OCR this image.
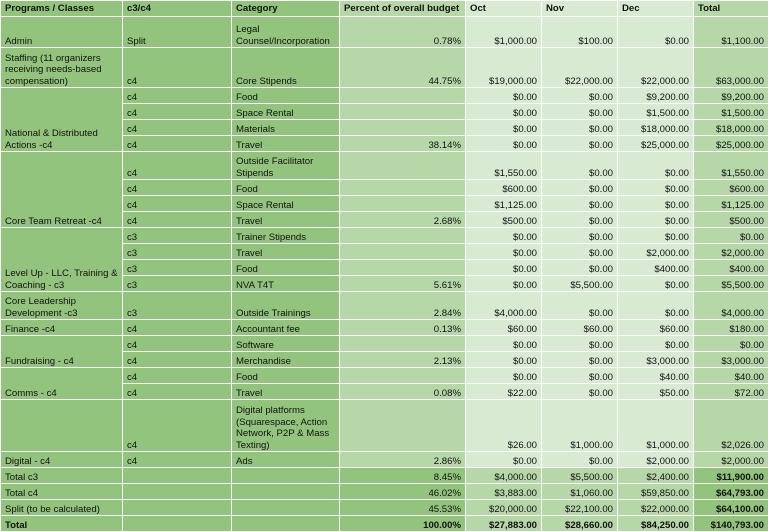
Programs / Classes	c3/c4	Category	Percent of overall budget	Oct	Nov	Dec	Total
Admin	Split	Legal Counsel/Incorporation	0.78%	$1,000.00	$100.00	$0.00	$1,100.00
Staffing (11 organizers receiving needs-based compensation)	c4	Core Stipends	44.75%	$19,000.00	$22,000.00	$22,000.00	$63,000.00
National & Distributed Actions -c4	c4	Food		$0.00	$0.00	$9,200.00	$9,200.00
	c4	Space Rental		$0.00	$0.00	$1,500.00	$1,500.00
	c4	Materials		$0.00	$0.00	$18,000.00	$18,000.00
	c4	Travel	38.14%	$0.00	$0.00	$25,000.00	$25,000.00
Core Team Retreat -c4	c4	Outside Facilitator Stipends		$1,550.00	$0.00	$0.00	$1,550.00
	c4	Food		$600.00	$0.00	$0.00	$600.00
	c4	Space Rental		$1,125.00	$0.00	$0.00	$1,125.00
	c4	Travel	2.68%	$500.00	$0.00	$0.00	$500.00
Level Up - LLC, Training & Coaching - c3	c3	Trainer Stipends		$0.00	$0.00	$0.00	$0.00
	c3	Travel		$0.00	$0.00	$2,000.00	$2,000.00
	c3	Food		$0.00	$0.00	$400.00	$400.00
	c3	NVA T4T	5.61%	$0.00	$5,500.00	$0.00	$5,500.00
Core Leadership Development -c3	c3	Outside Trainings	2.84%	$4,000.00	$0.00	$0.00	$4,000.00
Finance -c4	c4	Accountant fee	0.13%	$60.00	$60.00	$60.00	$180.00
Fundraising - c4	c4	Software		$0.00	$0.00	$0.00	$0.00
	c4	Merchandise	2.13%	$0.00	$0.00	$3,000.00	$3,000.00
Comms - c4	c4	Food		$0.00	$0.00	$40.00	$40.00
	c4	Travel	0.08%	$22.00	$0.00	$50.00	$72.00
	c4	Digital platforms (Squarespace, Action Network, P2P & Mass Texting)		$26.00	$1,000.00	$1,000.00	$2,026.00
Digital - c4	c4	Ads	2.86%	$0.00	$0.00	$2,000.00	$2,000.00
Total c3			8.45%	$4,000.00	$5,500.00	$2,400.00	$11,900.00
Total c4			46.02%	$3,883.00	$1,060.00	$59,850.00	$64,793.00
Split (to be calculated)			45.53%	$20,000.00	$22,100.00	$22,000.00	$64,100.00
Total			100.00%	$27,883.00	$28,660.00	$84,250.00	$140,793.00
